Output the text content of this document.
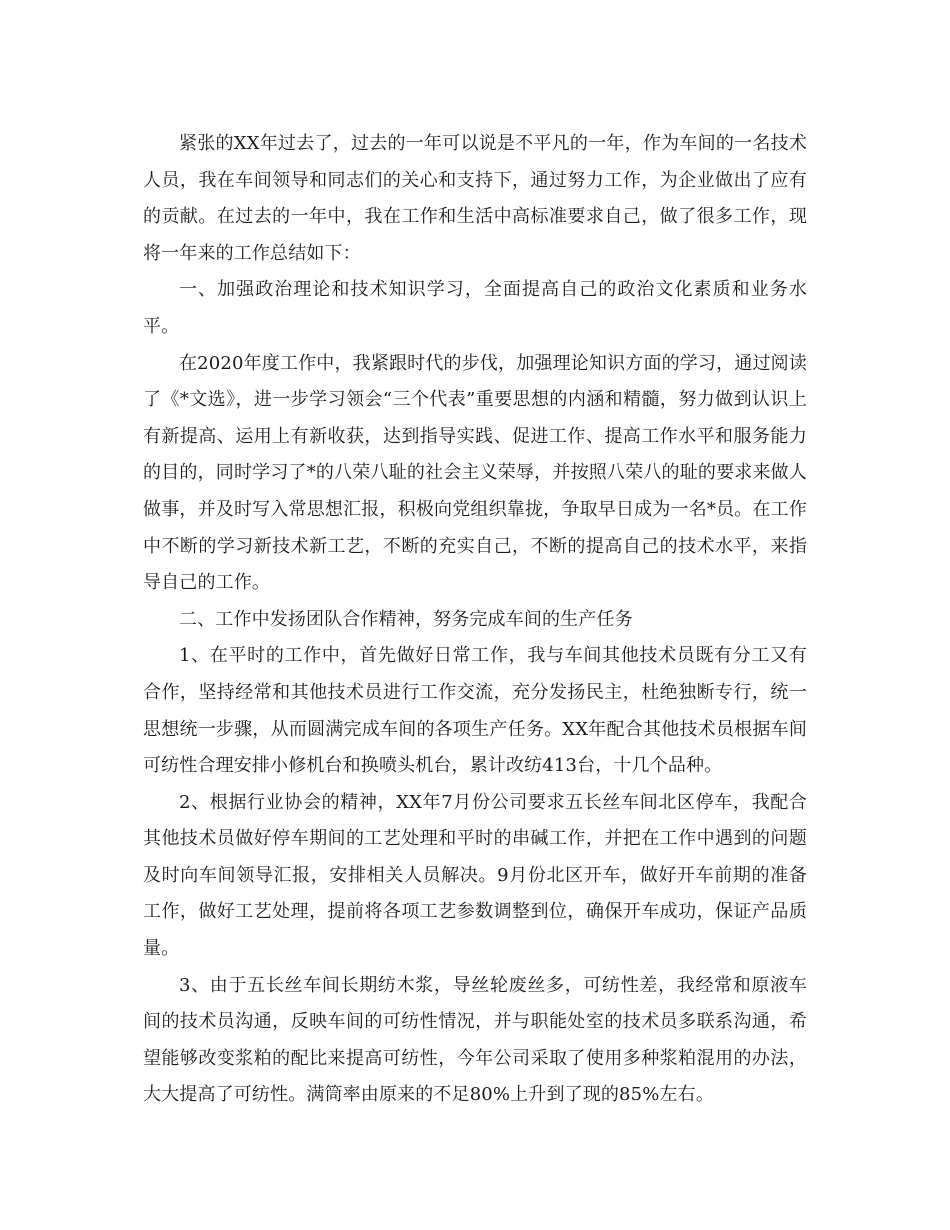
紧张的XX年过去了，过去的一年可以说是不平凡的一年，作为车间的一名技术人员，我在车间领导和同志们的关心和支持下，通过努力工作，为企业做出了应有的贡献。在过去的一年中，我在工作和生活中高标准要求自己，做了很多工作，现将一年来的工作总结如下：

一、加强政治理论和技术知识学习，全面提高自己的政治文化素质和业务水平。

在2020年度工作中，我紧跟时代的步伐，加强理论知识方面的学习，通过阅读了《*文选》，进一步学习领会“三个代表”重要思想的内涵和精髓，努力做到认识上有新提高、运用上有新收获，达到指导实践、促进工作、提高工作水平和服务能力的目的，同时学习了*的八荣八耻的社会主义荣辱，并按照八荣八的耻的要求来做人做事，并及时写入常思想汇报，积极向党组织靠拢，争取早日成为一名*员。在工作中不断的学习新技术新工艺，不断的充实自己，不断的提高自己的技术水平，来指导自己的工作。

二、工作中发扬团队合作精神，努务完成车间的生产任务

1、在平时的工作中，首先做好日常工作，我与车间其他技术员既有分工又有合作，坚持经常和其他技术员进行工作交流，充分发扬民主，杜绝独断专行，统一思想统一步骤，从而圆满完成车间的各项生产任务。XX年配合其他技术员根据车间可纺性合理安排小修机台和换喷头机台，累计改纺413台，十几个品种。

2、根据行业协会的精神，XX年7月份公司要求五长丝车间北区停车，我配合其他技术员做好停车期间的工艺处理和平时的串碱工作，并把在工作中遇到的问题及时向车间领导汇报，安排相关人员解决。9月份北区开车，做好开车前期的准备工作，做好工艺处理，提前将各项工艺参数调整到位，确保开车成功，保证产品质量。

3、由于五长丝车间长期纺木浆，导丝轮废丝多，可纺性差，我经常和原液车间的技术员沟通，反映车间的可纺性情况，并与职能处室的技术员多联系沟通，希望能够改变浆粕的配比来提高可纺性，今年公司采取了使用多种浆粕混用的办法，大大提高了可纺性。满筒率由原来的不足80%上升到了现的85%左右。
